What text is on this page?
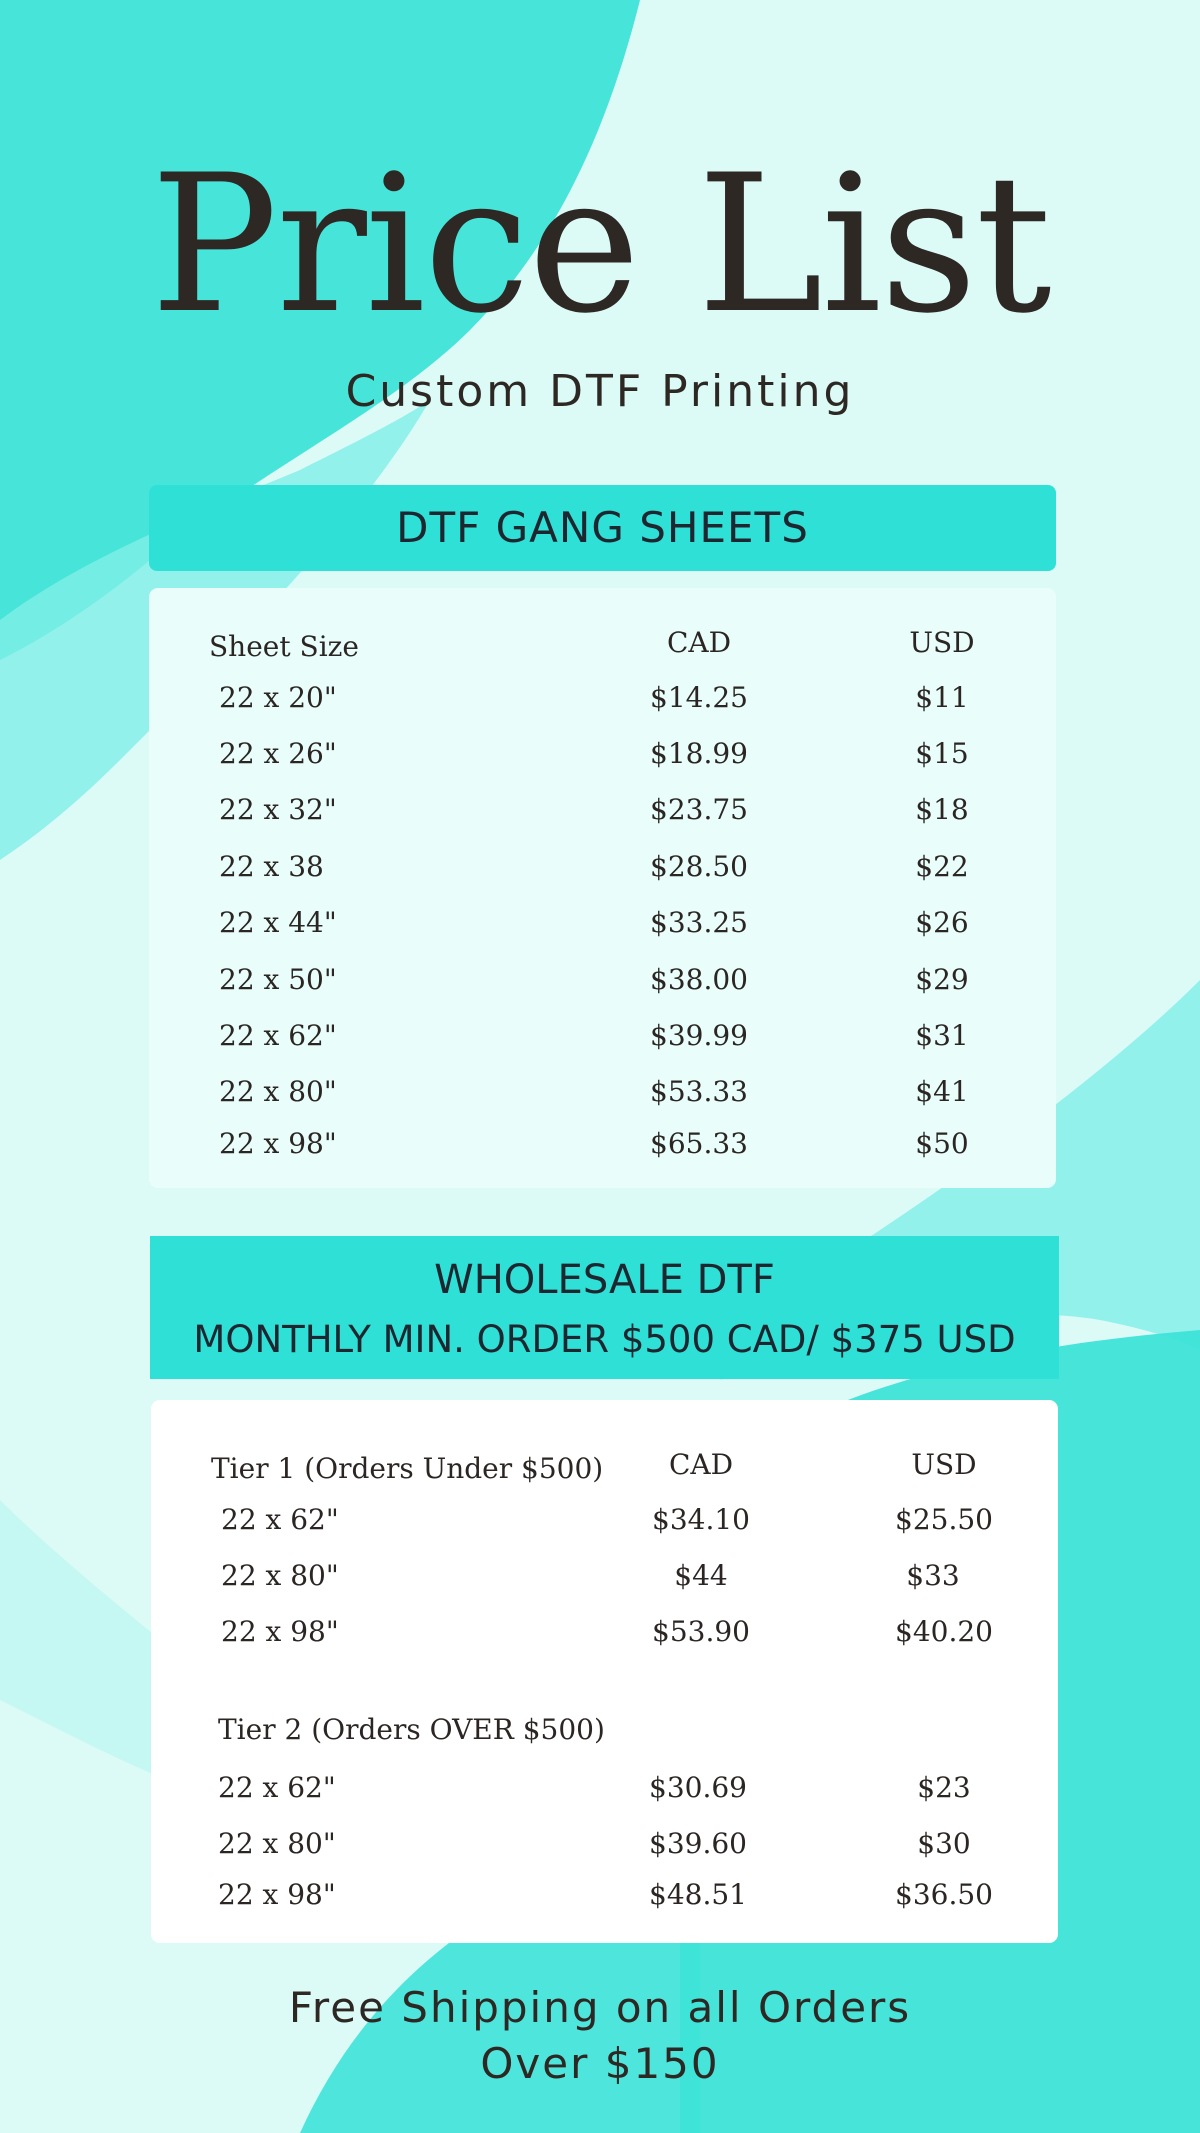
Price List
Custom DTF Printing
DTF GANG SHEETS
Sheet Size	CAD	USD
22 x 20"	$14.25	$11
22 x 26"	$18.99	$15
22 x 32"	$23.75	$18
22 x 38	$28.50	$22
22 x 44"	$33.25	$26
22 x 50"	$38.00	$29
22 x 62"	$39.99	$31
22 x 80"	$53.33	$41
22 x 98"	$65.33	$50
WHOLESALE DTF
MONTHLY MIN. ORDER $500 CAD/ $375 USD
Tier 1 (Orders Under $500)	CAD	USD
22 x 62"	$34.10	$25.50
22 x 80"	$44	$33
22 x 98"	$53.90	$40.20
Tier 2 (Orders OVER $500)
22 x 62"	$30.69	$23
22 x 80"	$39.60	$30
22 x 98"	$48.51	$36.50
Free Shipping on all Orders
Over $150
